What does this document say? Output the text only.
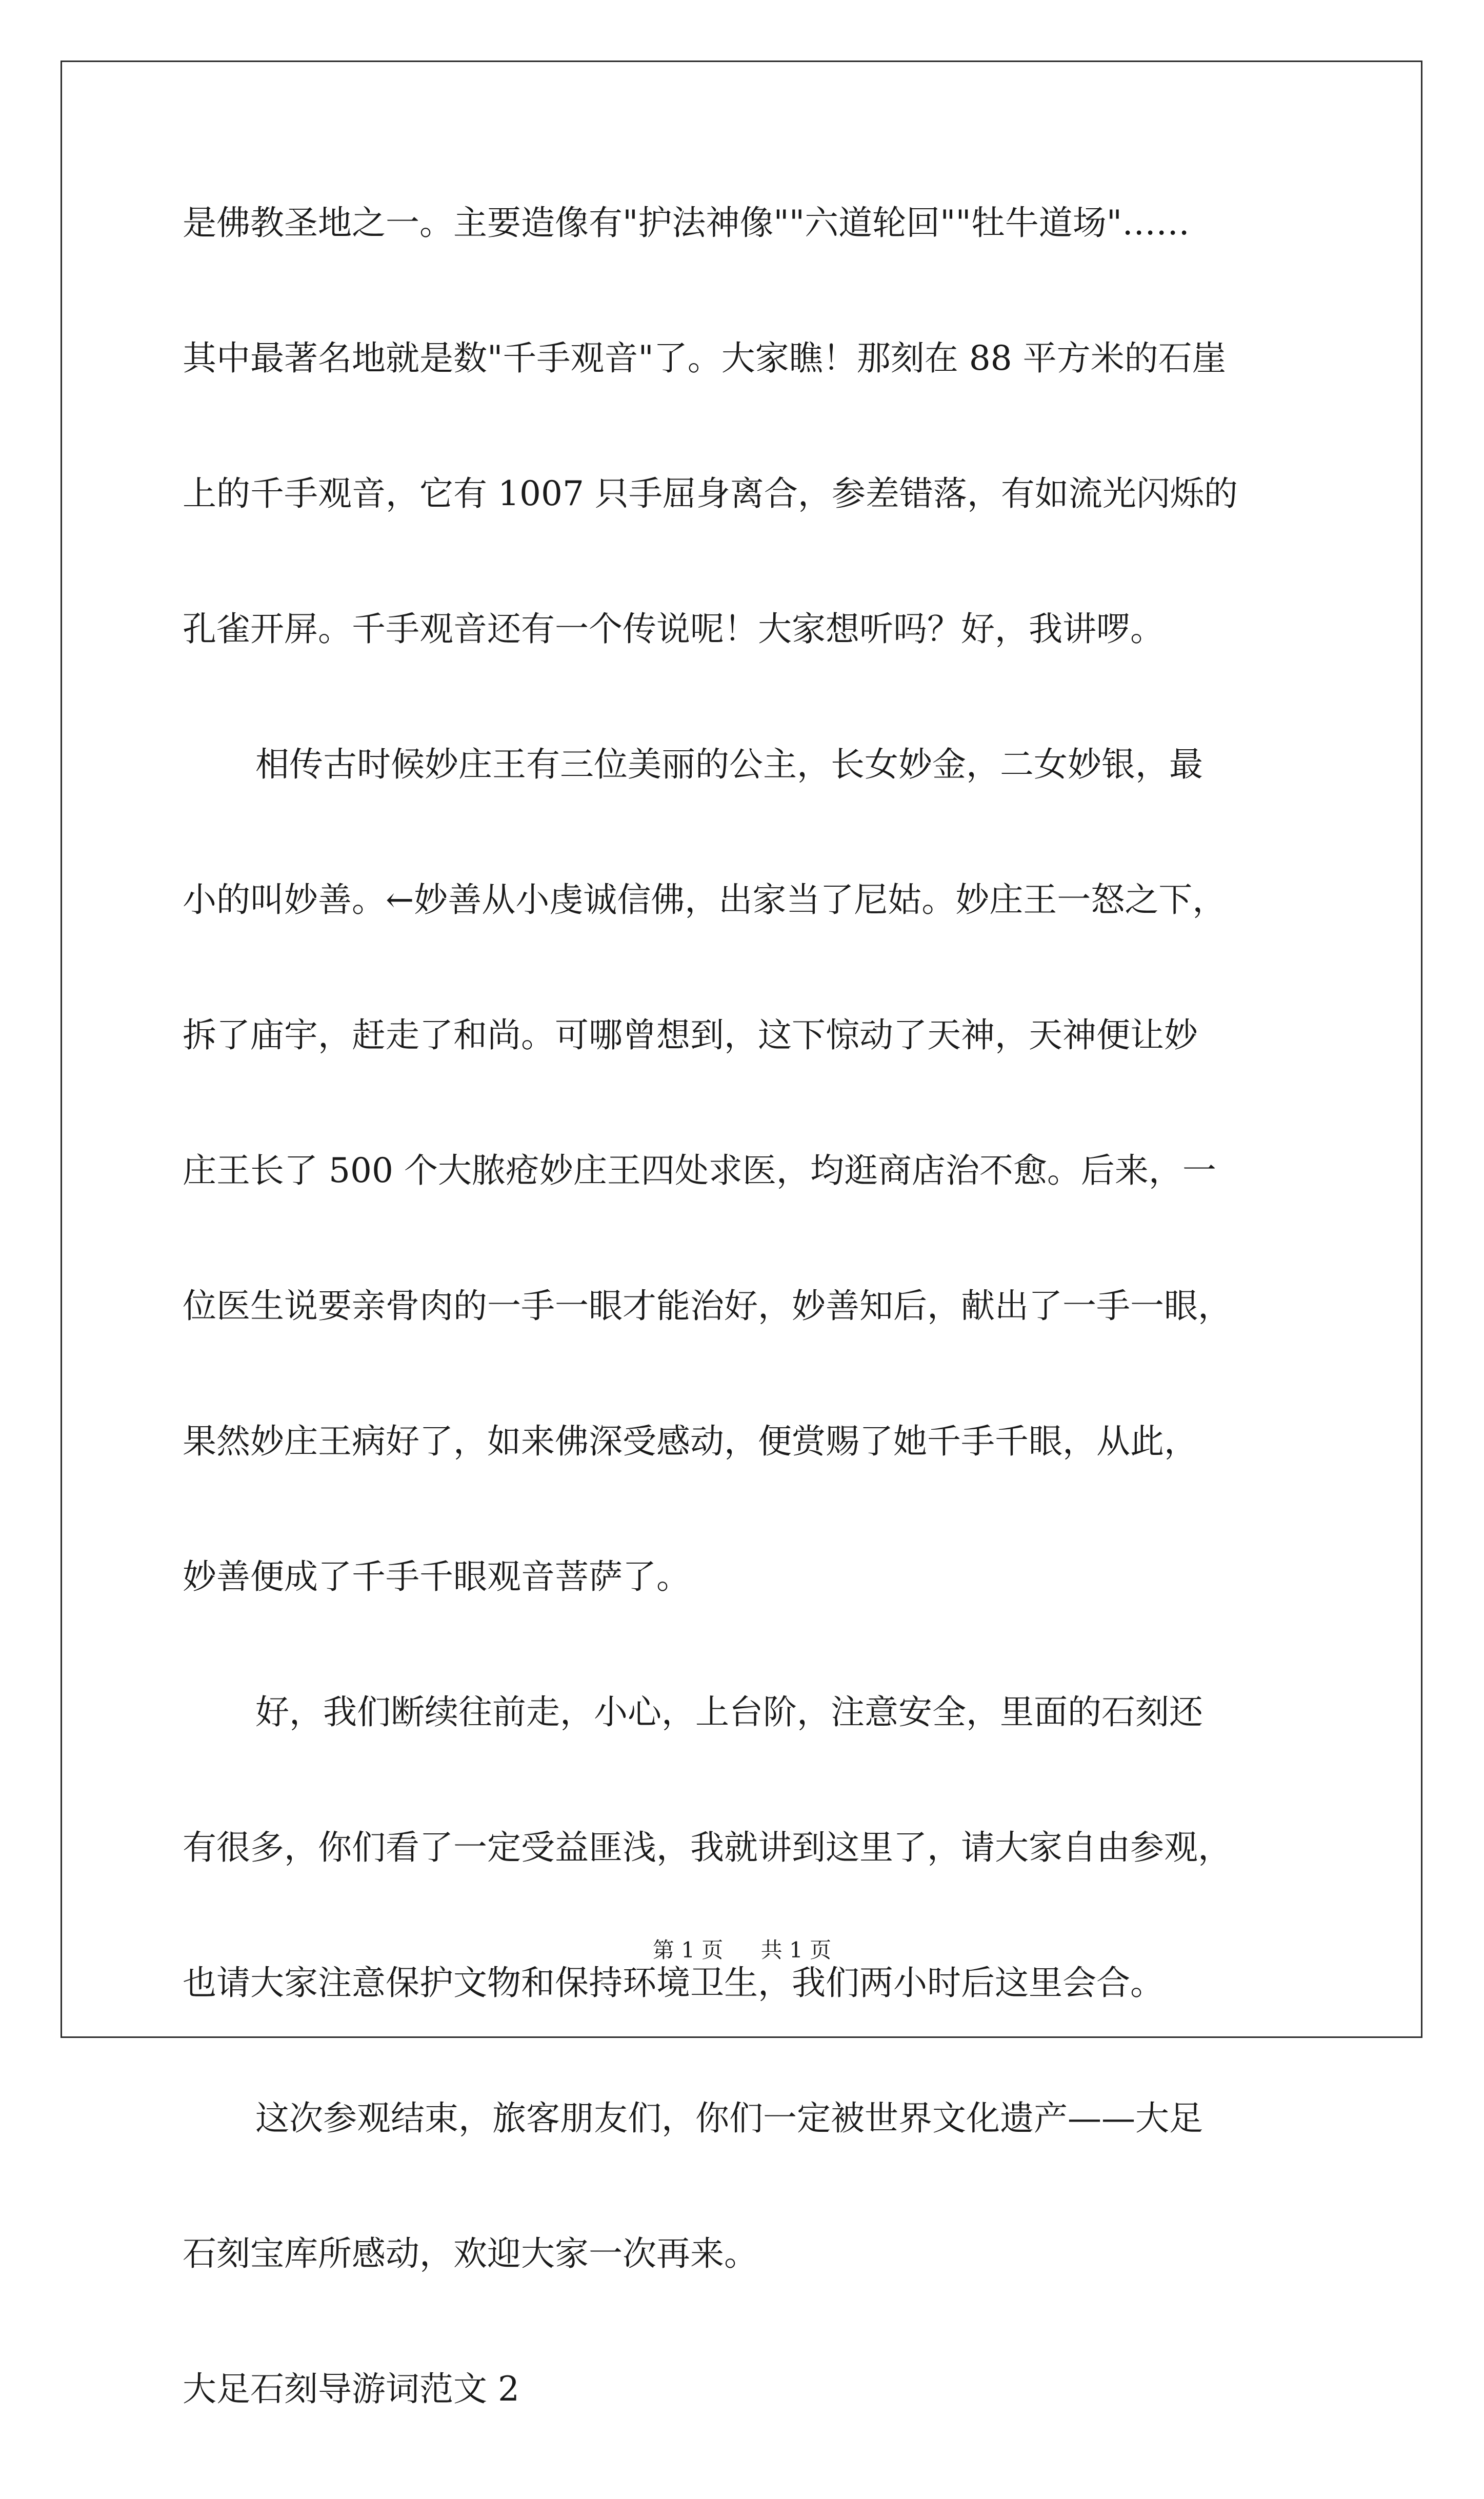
是佛教圣地之一。主要造像有"护法神像""六道轮回""牡牛道场"……
其中最著名地就是数"千手观音"了。大家瞧！那刻在 88 平方米的石崖
上的千手观音，它有 1007 只手屈身离合，参差错落，有如流光闪烁的
孔雀开屏。千手观音还有一个传说呢！大家想听吗？好，我讲啰。
相传古时候妙庄王有三位美丽的公主，长女妙金，二女妙银，最
小的叫妙善。←妙善从小虔诚信佛，出家当了尼姑。妙庄王一怒之下，
拆了庙宇，赶走了和尚。可哪曾想到，这下惊动了天神，天神便让妙
庄王长了 500 个大脓疮妙庄王四处求医，均逛商店治不愈。后来，一
位医生说要亲骨肉的一手一眼才能治好，妙善知后，献出了一手一眼，
果然妙庄王病好了，如来佛深受感动，便赏赐了她千手千眼，从此，
妙善便成了千手千眼观音菩萨了。
好，我们断续往前走，小心，上台阶，注意安全，里面的石刻还
有很多，你们看了一定受益匪浅，我就讲到这里了，请大家自由参观，
也请大家注意保护文物和保持环境卫生，我们两小时后这里会合。
这次参观结束，旅客朋友们，你们一定被世界文化遗产——大足
石刻宝库所感动，欢迎大家一次再来。
大足石刻导游词范文 2
第 1 页 共 1 页
